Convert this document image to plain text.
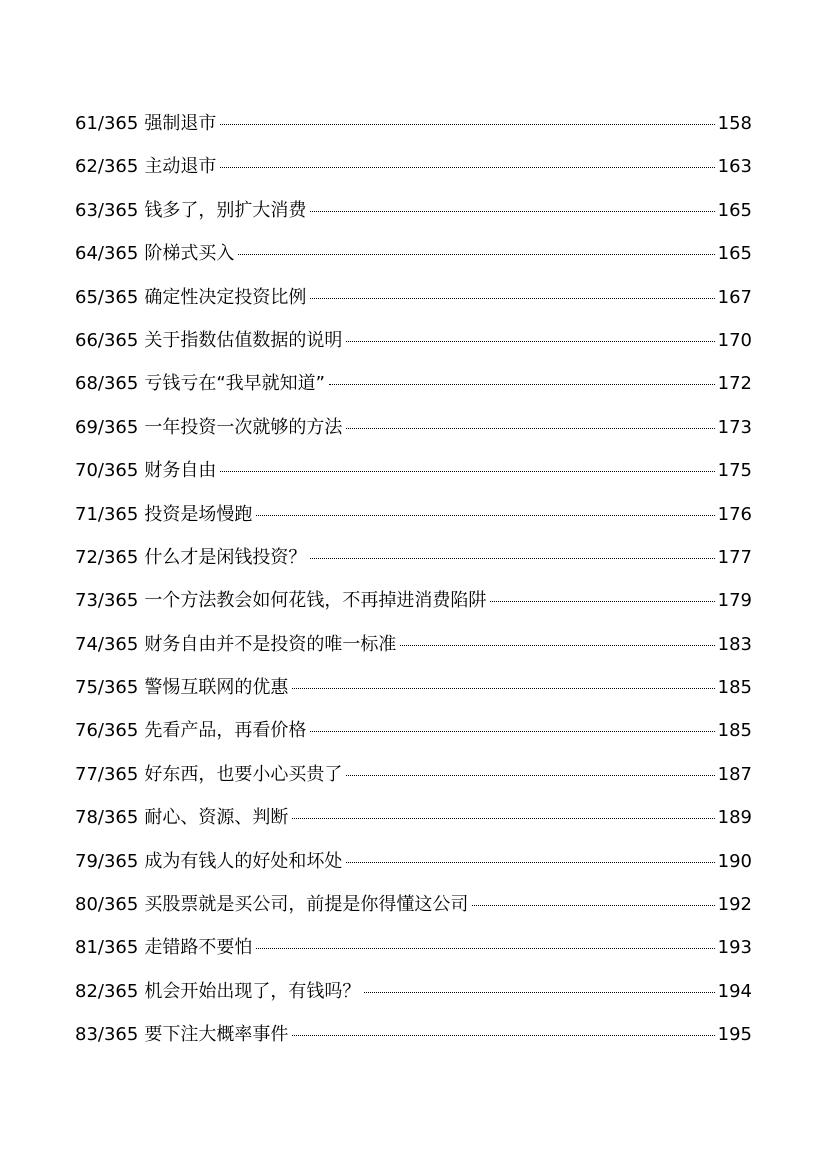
61/365 强制退市	158
62/365 主动退市	163
63/365 钱多了，别扩大消费	165
64/365 阶梯式买入	165
65/365 确定性决定投资比例	167
66/365 关于指数估值数据的说明	170
68/365 亏钱亏在“我早就知道”	172
69/365 一年投资一次就够的方法	173
70/365 财务自由	175
71/365 投资是场慢跑	176
72/365 什么才是闲钱投资？	177
73/365 一个方法教会如何花钱，不再掉进消费陷阱	179
74/365 财务自由并不是投资的唯一标准	183
75/365 警惕互联网的优惠	185
76/365 先看产品，再看价格	185
77/365 好东西，也要小心买贵了	187
78/365 耐心、资源、判断	189
79/365 成为有钱人的好处和坏处	190
80/365 买股票就是买公司，前提是你得懂这公司	192
81/365 走错路不要怕	193
82/365 机会开始出现了，有钱吗？	194
83/365 要下注大概率事件	195
